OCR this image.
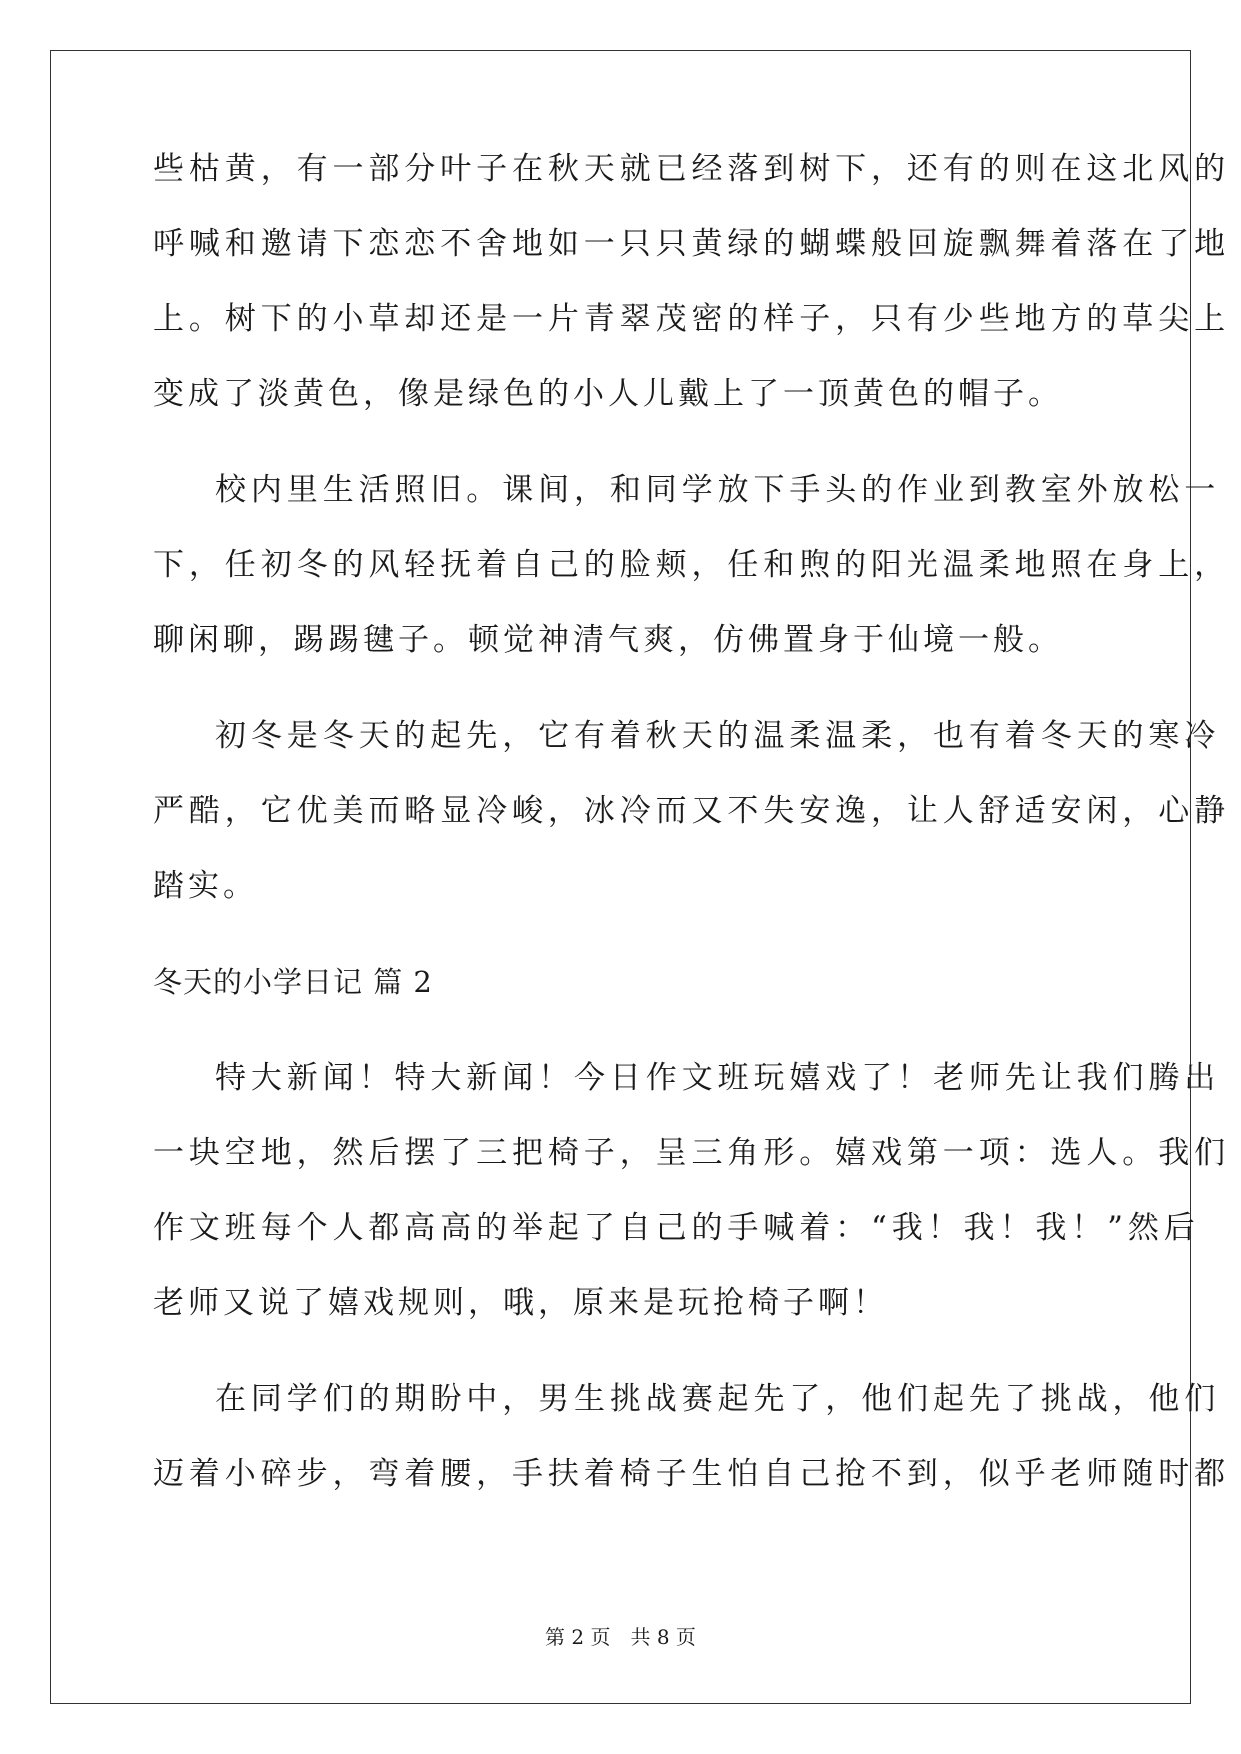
些枯黄，有一部分叶子在秋天就已经落到树下，还有的则在这北风的
呼喊和邀请下恋恋不舍地如一只只黄绿的蝴蝶般回旋飘舞着落在了地
上。树下的小草却还是一片青翠茂密的样子，只有少些地方的草尖上
变成了淡黄色，像是绿色的小人儿戴上了一顶黄色的帽子。
校内里生活照旧。课间，和同学放下手头的作业到教室外放松一
下，任初冬的风轻抚着自己的脸颊，任和煦的阳光温柔地照在身上，
聊闲聊，踢踢毽子。顿觉神清气爽，仿佛置身于仙境一般。
初冬是冬天的起先，它有着秋天的温柔温柔，也有着冬天的寒冷
严酷，它优美而略显冷峻，冰冷而又不失安逸，让人舒适安闲，心静
踏实。
冬天的小学日记 篇 2
特大新闻！特大新闻！今日作文班玩嬉戏了！老师先让我们腾出
一块空地，然后摆了三把椅子，呈三角形。嬉戏第一项：选人。我们
作文班每个人都高高的举起了自己的手喊着：“我！我！我！”然后
老师又说了嬉戏规则，哦，原来是玩抢椅子啊！
在同学们的期盼中，男生挑战赛起先了，他们起先了挑战，他们
迈着小碎步，弯着腰，手扶着椅子生怕自己抢不到，似乎老师随时都
第 2 页　共 8 页
